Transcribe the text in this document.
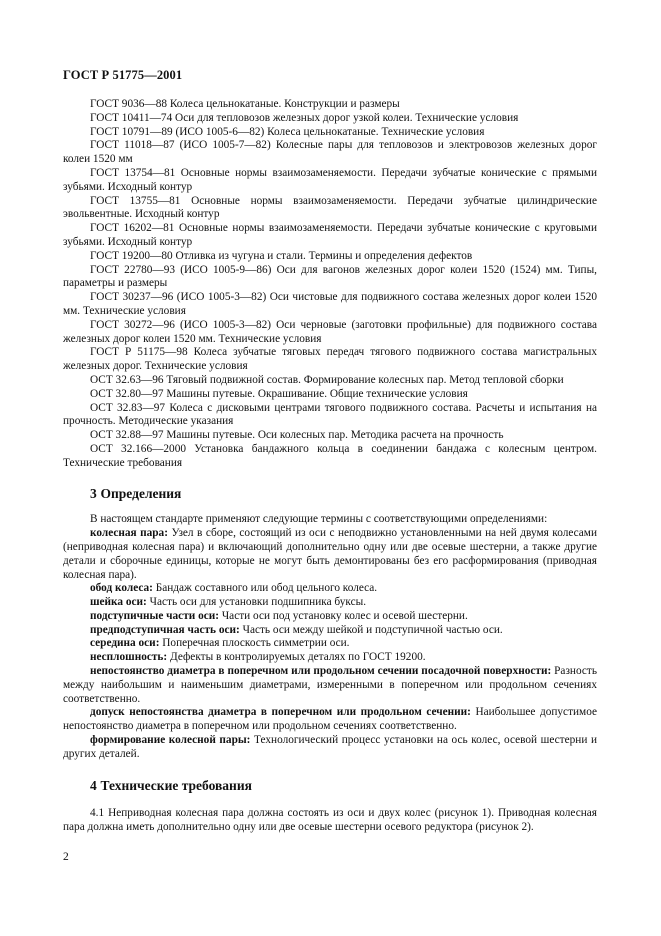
ГОСТ Р 51775—2001

ГОСТ 9036—88 Колеса цельнокатаные. Конструкции и размеры

ГОСТ 10411—74 Оси для тепловозов железных дорог узкой колеи. Технические условия

ГОСТ 10791—89 (ИСО 1005-6—82) Колеса цельнокатаные. Технические условия

ГОСТ 11018—87 (ИСО 1005-7—82) Колесные пары для тепловозов и электровозов железных дорог колеи 1520 мм

ГОСТ 13754—81 Основные нормы взаимозаменяемости. Передачи зубчатые конические с прямыми зубьями. Исходный контур

ГОСТ 13755—81 Основные нормы взаимозаменяемости. Передачи зубчатые цилиндрические эвольвентные. Исходный контур

ГОСТ 16202—81 Основные нормы взаимозаменяемости. Передачи зубчатые конические с круговыми зубьями. Исходный контур

ГОСТ 19200—80 Отливка из чугуна и стали. Термины и определения дефектов

ГОСТ 22780—93 (ИСО 1005-9—86) Оси для вагонов железных дорог колеи 1520 (1524) мм. Типы, параметры и размеры

ГОСТ 30237—96 (ИСО 1005-3—82) Оси чистовые для подвижного состава железных дорог колеи 1520 мм. Технические условия

ГОСТ 30272—96 (ИСО 1005-3—82) Оси черновые (заготовки профильные) для подвижного состава железных дорог колеи 1520 мм. Технические условия

ГОСТ Р 51175—98 Колеса зубчатые тяговых передач тягового подвижного состава магистральных железных дорог. Технические условия

ОСТ 32.63—96 Тяговый подвижной состав. Формирование колесных пар. Метод тепловой сборки

ОСТ 32.80—97 Машины путевые. Окрашивание. Общие технические условия

ОСТ 32.83—97 Колеса с дисковыми центрами тягового подвижного состава. Расчеты и испытания на прочность. Методические указания

ОСТ 32.88—97 Машины путевые. Оси колесных пар. Методика расчета на прочность

ОСТ 32.166—2000 Установка бандажного кольца в соединении бандажа с колесным центром. Технические требования

3 Определения

В настоящем стандарте применяют следующие термины с соответствующими определениями:

колесная пара: Узел в сборе, состоящий из оси с неподвижно установленными на ней двумя колесами (неприводная колесная пара) и включающий дополнительно одну или две осевые шестерни, а также другие детали и сборочные единицы, которые не могут быть демонтированы без его расформирования (приводная колесная пара).

обод колеса: Бандаж составного или обод цельного колеса.

шейка оси: Часть оси для установки подшипника буксы.

подступичные части оси: Части оси под установку колес и осевой шестерни.

предподступичная часть оси: Часть оси между шейкой и подступичной частью оси.

середина оси: Поперечная плоскость симметрии оси.

несплошность: Дефекты в контролируемых деталях по ГОСТ 19200.

непостоянство диаметра в поперечном или продольном сечении посадочной поверхности: Разность между наибольшим и наименьшим диаметрами, измеренными в поперечном или продольном сечениях соответственно.

допуск непостоянства диаметра в поперечном или продольном сечении: Наибольшее допустимое непостоянство диаметра в поперечном или продольном сечениях соответственно.

формирование колесной пары: Технологический процесс установки на ось колес, осевой шестерни и других деталей.

4 Технические требования

4.1 Неприводная колесная пара должна состоять из оси и двух колес (рисунок 1). Приводная колесная пара должна иметь дополнительно одну или две осевые шестерни осевого редуктора (рисунок 2).

2
